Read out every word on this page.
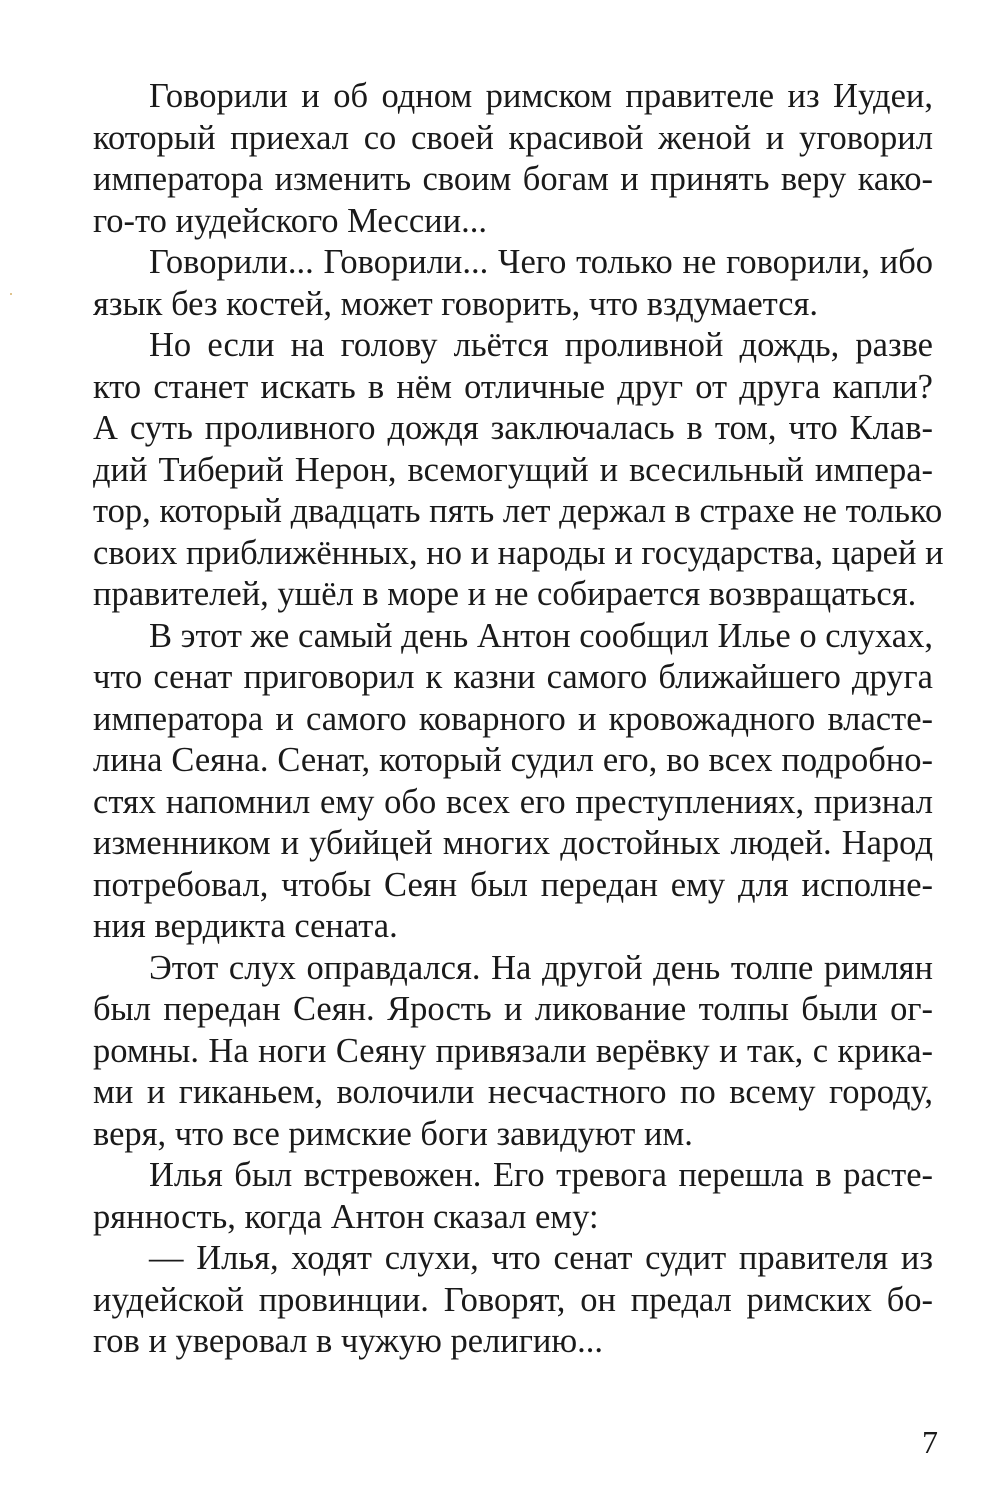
Говорили и об одном римском правителе из Иудеи,
который приехал со своей красивой женой и уговорил
императора изменить своим богам и принять веру како-
го-то иудейского Мессии...
Говорили... Говорили... Чего только не говорили, ибо
язык без костей, может говорить, что вздумается.
Но если на голову льётся проливной дождь, разве
кто станет искать в нём отличные друг от друга капли?
А суть проливного дождя заключалась в том, что Клав-
дий Тиберий Нерон, всемогущий и всесильный импера-
тор, который двадцать пять лет держал в страхе не только
своих приближённых, но и народы и государства, царей и
правителей, ушёл в море и не собирается возвращаться.
В этот же самый день Антон сообщил Илье о слухах,
что сенат приговорил к казни самого ближайшего друга
императора и самого коварного и кровожадного власте-
лина Сеяна. Сенат, который судил его, во всех подробно-
стях напомнил ему обо всех его преступлениях, признал
изменником и убийцей многих достойных людей. Народ
потребовал, чтобы Сеян был передан ему для исполне-
ния вердикта сената.
Этот слух оправдался. На другой день толпе римлян
был передан Сеян. Ярость и ликование толпы были ог-
ромны. На ноги Сеяну привязали верёвку и так, с крика-
ми и гиканьем, волочили несчастного по всему городу,
веря, что все римские боги завидуют им.
Илья был встревожен. Его тревога перешла в расте-
рянность, когда Антон сказал ему:
— Илья, ходят слухи, что сенат судит правителя из
иудейской провинции. Говорят, он предал римских бо-
гов и уверовал в чужую религию...
7
